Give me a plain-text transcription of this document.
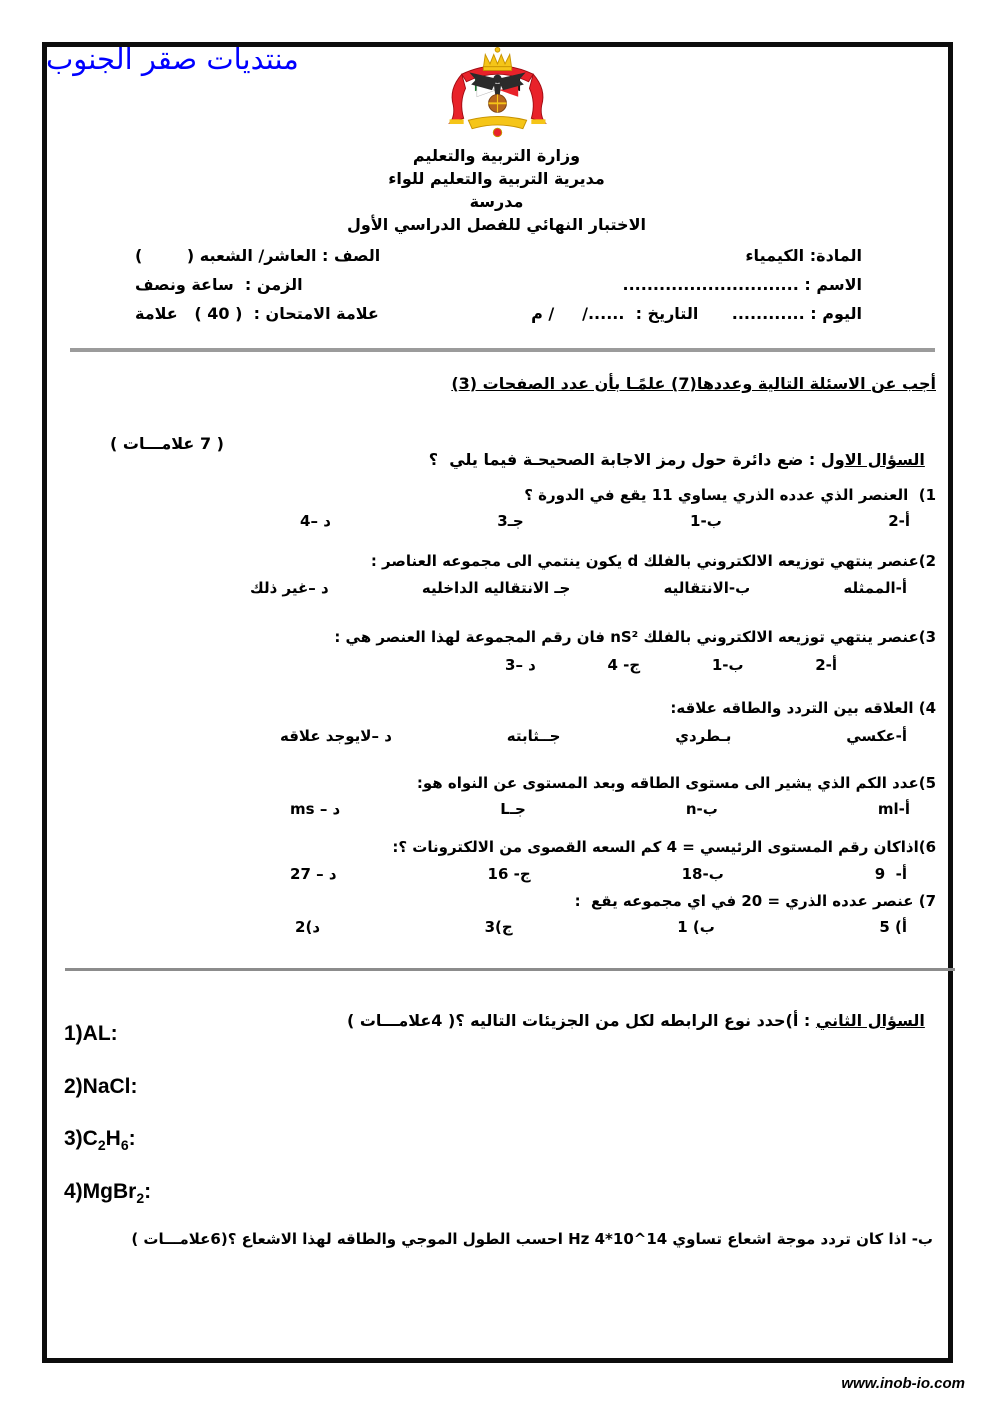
منتديات صقر الجنوب
وزارة التربية والتعليم
مديرية التربية والتعليم للواء
مدرسة
الاختبار النهائي للفصل الدراسي الأول
المادة: الكيمياء
الصف : العاشر/ الشعبه (        )
الاسم : .............................
الزمن :  ساعة ونصف
اليوم : ............      التاريخ :  ....../     / م
علامة الامتحان :  ( 40 )   علامة
أجب عن الاسئلة التالية وعددها(7) علمًـا بأن عدد الصفحات (3)

السؤال الاول : ضع دائرة حول رمز الاجابة الصحيحـة فيما يلي  ؟

( 7 علامـــات )
1)  العنصر الذي عدده الذري يساوي 11 يقع في الدورة ؟
أ-2
ب-1
جـ3
د –4
2)عنصر ينتهي توزيعه الالكتروني بالفلك d يكون ينتمي الى مجموعه العناصر :
أ-الممثله
ب-الانتقاليه
جـ الانتقاليه الداخليه
د –غير ذلك
3)عنصر ينتهي توزيعه الالكتروني بالفلك nS² فان رقم المجموعة لهذا العنصر هي :
أ-2
ب-1
ج- 4
د –3
4) العلاقه بين التردد والطاقه علاقه:
أ-عكسي
بـطردي
جــثابته
د –لايوجد علاقه
5)عدد الكم الذي يشير الى مستوى الطاقه وبعد المستوى عن النواه هو:
أ-ml
ب-n
جـL
د – ms
6)اذاكان رقم المستوى الرئيسي = 4 كم السعه القصوى من الالكترونات ؟:
أ-  9
ب-18
ج- 16
د – 27
7) عنصر عدده الذري = 20 في اي مجموعه يقع  :
أ) 5
ب) 1
ج)3
د)2

السؤال الثاني : أ)حدد نوع الرابطه لكل من الجزيئات التاليه ؟( 4علامـــات )

1)AL:
2)NaCl:
$3)C_2H_6$:
4)MgBr$_2$:
ب- اذا كان تردد موجة اشعاع تساوي Hz 4*10^14 احسب الطول الموجي والطاقه لهذا الاشعاع ؟(6علامـــات )
www.inob-io.com
